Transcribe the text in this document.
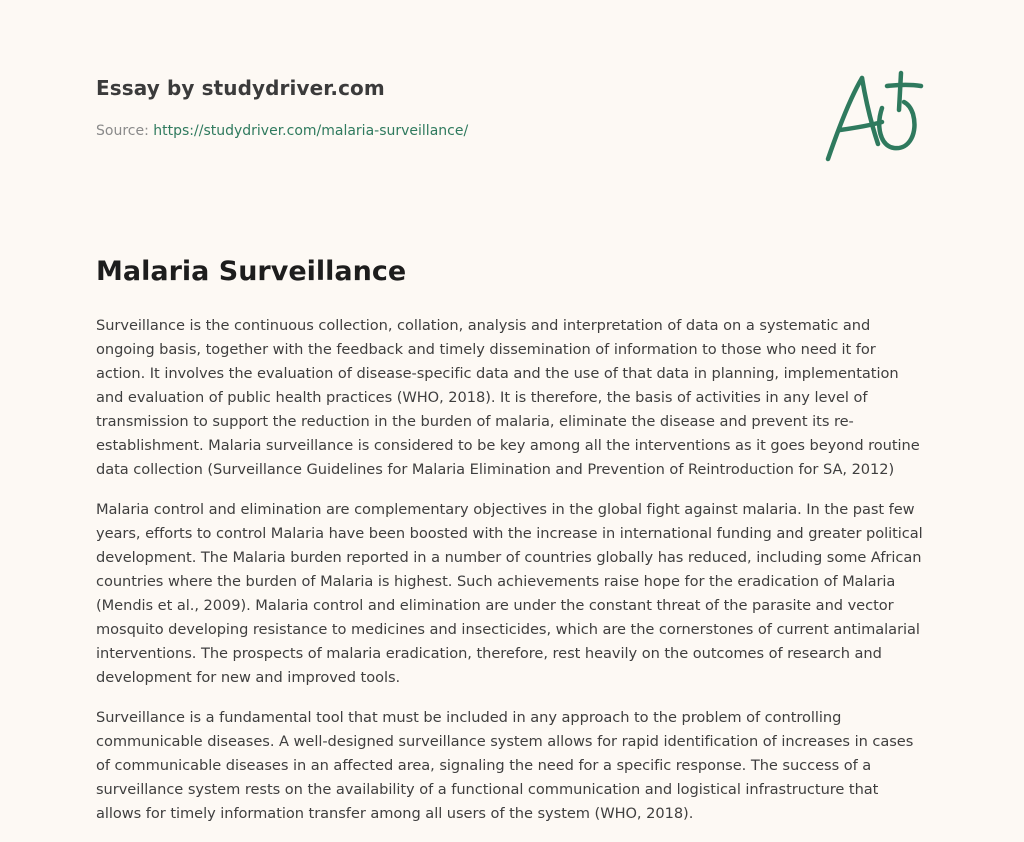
Essay by studydriver.com

Source: https://studydriver.com/malaria-surveillance/

Malaria Surveillance

Surveillance is the continuous collection, collation, analysis and interpretation of data on a systematic and ongoing basis, together with the feedback and timely dissemination of information to those who need it for action. It involves the evaluation of disease-specific data and the use of that data in planning, implementation and evaluation of public health practices (WHO, 2018). It is therefore, the basis of activities in any level of transmission to support the reduction in the burden of malaria, eliminate the disease and prevent its re-establishment. Malaria surveillance is considered to be key among all the interventions as it goes beyond routine data collection (Surveillance Guidelines for Malaria Elimination and Prevention of Reintroduction for SA, 2012)

Malaria control and elimination are complementary objectives in the global fight against malaria. In the past few years, efforts to control Malaria have been boosted with the increase in international funding and greater political development. The Malaria burden reported in a number of countries globally has reduced, including some African countries where the burden of Malaria is highest. Such achievements raise hope for the eradication of Malaria (Mendis et al., 2009). Malaria control and elimination are under the constant threat of the parasite and vector mosquito developing resistance to medicines and insecticides, which are the cornerstones of current antimalarial interventions. The prospects of malaria eradication, therefore, rest heavily on the outcomes of research and development for new and improved tools.

Surveillance is a fundamental tool that must be included in any approach to the problem of controlling communicable diseases. A well-designed surveillance system allows for rapid identification of increases in cases of communicable diseases in an affected area, signaling the need for a specific response. The success of a surveillance system rests on the availability of a functional communication and logistical infrastructure that allows for timely information transfer among all users of the system (WHO, 2018).
